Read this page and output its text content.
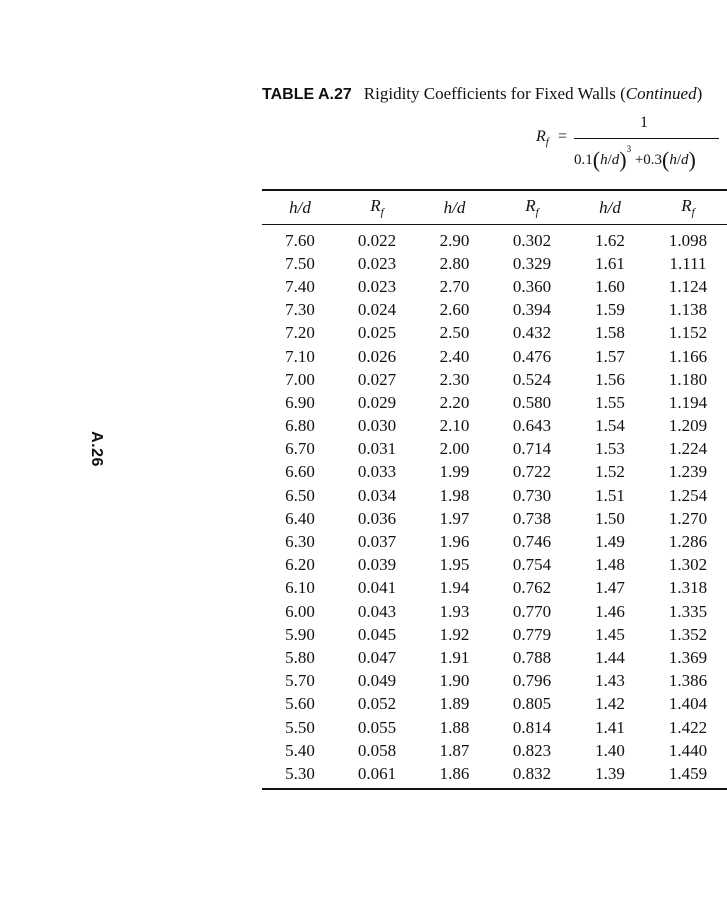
A.26
TABLE A.27 Rigidity Coefficients for Fixed Walls (Continued)
$R_f$ =
1
$0.1(h/d)^3 +0.3(h/d)$
h/d	$R_f$	h/d	$R_f$	h/d	$R_f$

7.60	0.022	2.90	0.302	1.62	1.098
7.50	0.023	2.80	0.329	1.61	1.111
7.40	0.023	2.70	0.360	1.60	1.124
7.30	0.024	2.60	0.394	1.59	1.138
7.20	0.025	2.50	0.432	1.58	1.152
7.10	0.026	2.40	0.476	1.57	1.166
7.00	0.027	2.30	0.524	1.56	1.180
6.90	0.029	2.20	0.580	1.55	1.194
6.80	0.030	2.10	0.643	1.54	1.209
6.70	0.031	2.00	0.714	1.53	1.224
6.60	0.033	1.99	0.722	1.52	1.239
6.50	0.034	1.98	0.730	1.51	1.254
6.40	0.036	1.97	0.738	1.50	1.270
6.30	0.037	1.96	0.746	1.49	1.286
6.20	0.039	1.95	0.754	1.48	1.302
6.10	0.041	1.94	0.762	1.47	1.318
6.00	0.043	1.93	0.770	1.46	1.335
5.90	0.045	1.92	0.779	1.45	1.352
5.80	0.047	1.91	0.788	1.44	1.369
5.70	0.049	1.90	0.796	1.43	1.386
5.60	0.052	1.89	0.805	1.42	1.404
5.50	0.055	1.88	0.814	1.41	1.422
5.40	0.058	1.87	0.823	1.40	1.440
5.30	0.061	1.86	0.832	1.39	1.459
